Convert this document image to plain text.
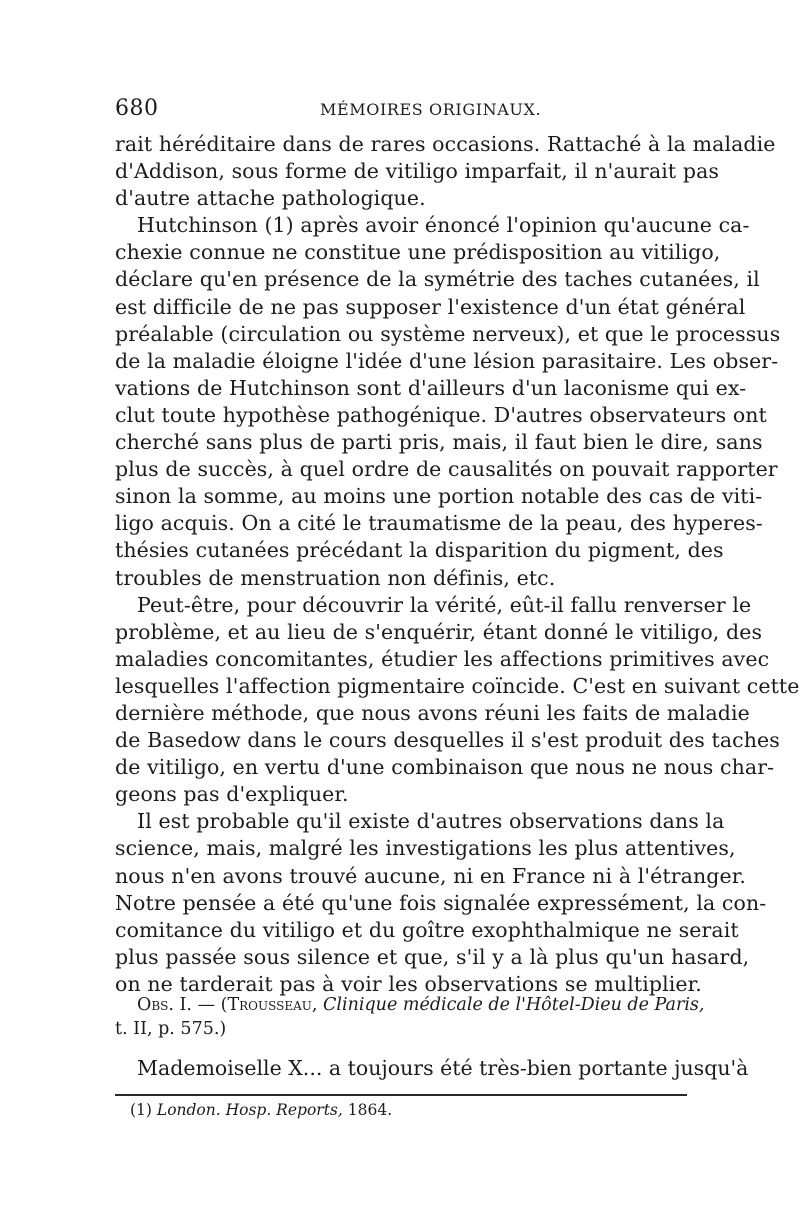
680	MÉMOIRES ORIGINAUX.
rait héréditaire dans de rares occasions. Rattaché à la maladie
d'Addison, sous forme de vitiligo imparfait, il n'aurait pas
d'autre attache pathologique.
Hutchinson (1) après avoir énoncé l'opinion qu'aucune ca-
chexie connue ne constitue une prédisposition au vitiligo,
déclare qu'en présence de la symétrie des taches cutanées, il
est difficile de ne pas supposer l'existence d'un état général
préalable (circulation ou système nerveux), et que le processus
de la maladie éloigne l'idée d'une lésion parasitaire. Les obser-
vations de Hutchinson sont d'ailleurs d'un laconisme qui ex-
clut toute hypothèse pathogénique. D'autres observateurs ont
cherché sans plus de parti pris, mais, il faut bien le dire, sans
plus de succès, à quel ordre de causalités on pouvait rapporter
sinon la somme, au moins une portion notable des cas de viti-
ligo acquis. On a cité le traumatisme de la peau, des hyperes-
thésies cutanées précédant la disparition du pigment, des
troubles de menstruation non définis, etc.
Peut-être, pour découvrir la vérité, eût-il fallu renverser le
problème, et au lieu de s'enquérir, étant donné le vitiligo, des
maladies concomitantes, étudier les affections primitives avec
lesquelles l'affection pigmentaire coïncide. C'est en suivant cette
dernière méthode, que nous avons réuni les faits de maladie
de Basedow dans le cours desquelles il s'est produit des taches
de vitiligo, en vertu d'une combinaison que nous ne nous char-
geons pas d'expliquer.
Il est probable qu'il existe d'autres observations dans la
science, mais, malgré les investigations les plus attentives,
nous n'en avons trouvé aucune, ni en France ni à l'étranger.
Notre pensée a été qu'une fois signalée expressément, la con-
comitance du vitiligo et du goître exophthalmique ne serait
plus passée sous silence et que, s'il y a là plus qu'un hasard,
on ne tarderait pas à voir les observations se multiplier.
Obs. I. — (Trousseau, Clinique médicale de l'Hôtel-Dieu de Paris,
t. II, p. 575.)
Mademoiselle X... a toujours été très-bien portante jusqu'à
(1) London. Hosp. Reports, 1864.
